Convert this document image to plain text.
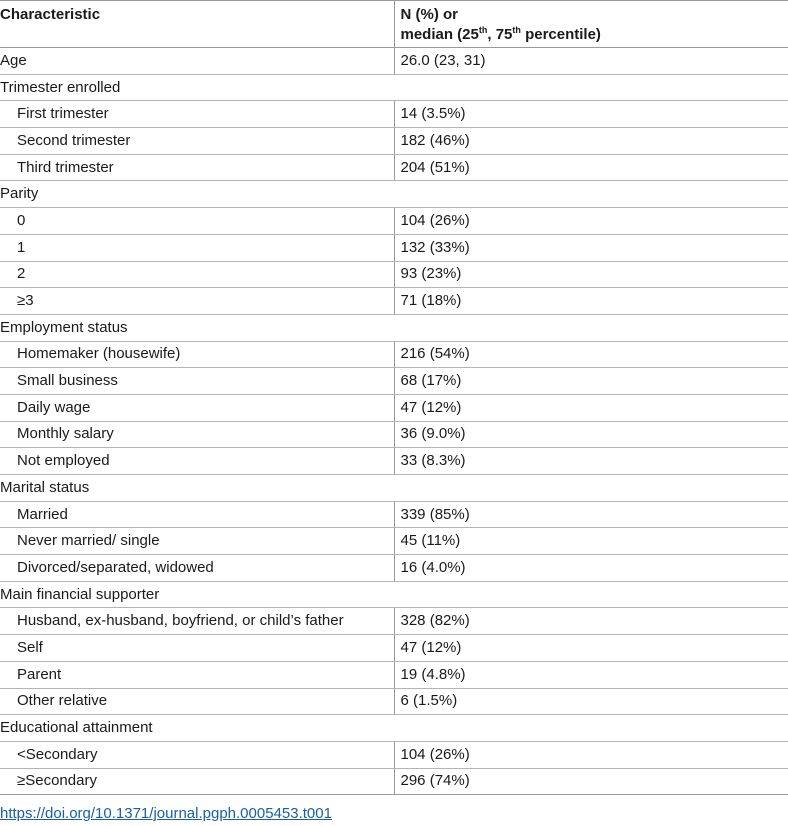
Characteristic	N (%) or
median (25th, 75th percentile)
Age	26.0 (23, 31)
Trimester enrolled	
First trimester	14 (3.5%)
Second trimester	182 (46%)
Third trimester	204 (51%)
Parity	
0	104 (26%)
1	132 (33%)
2	93 (23%)
≥3	71 (18%)
Employment status	
Homemaker (housewife)	216 (54%)
Small business	68 (17%)
Daily wage	47 (12%)
Monthly salary	36 (9.0%)
Not employed	33 (8.3%)
Marital status	
Married	339 (85%)
Never married/ single	45 (11%)
Divorced/separated, widowed	16 (4.0%)
Main financial supporter	
Husband, ex-husband, boyfriend, or child’s father	328 (82%)
Self	47 (12%)
Parent	19 (4.8%)
Other relative	6 (1.5%)
Educational attainment	
<Secondary	104 (26%)
≥Secondary	296 (74%)
https://doi.org/10.1371/journal.pgph.0005453.t001
